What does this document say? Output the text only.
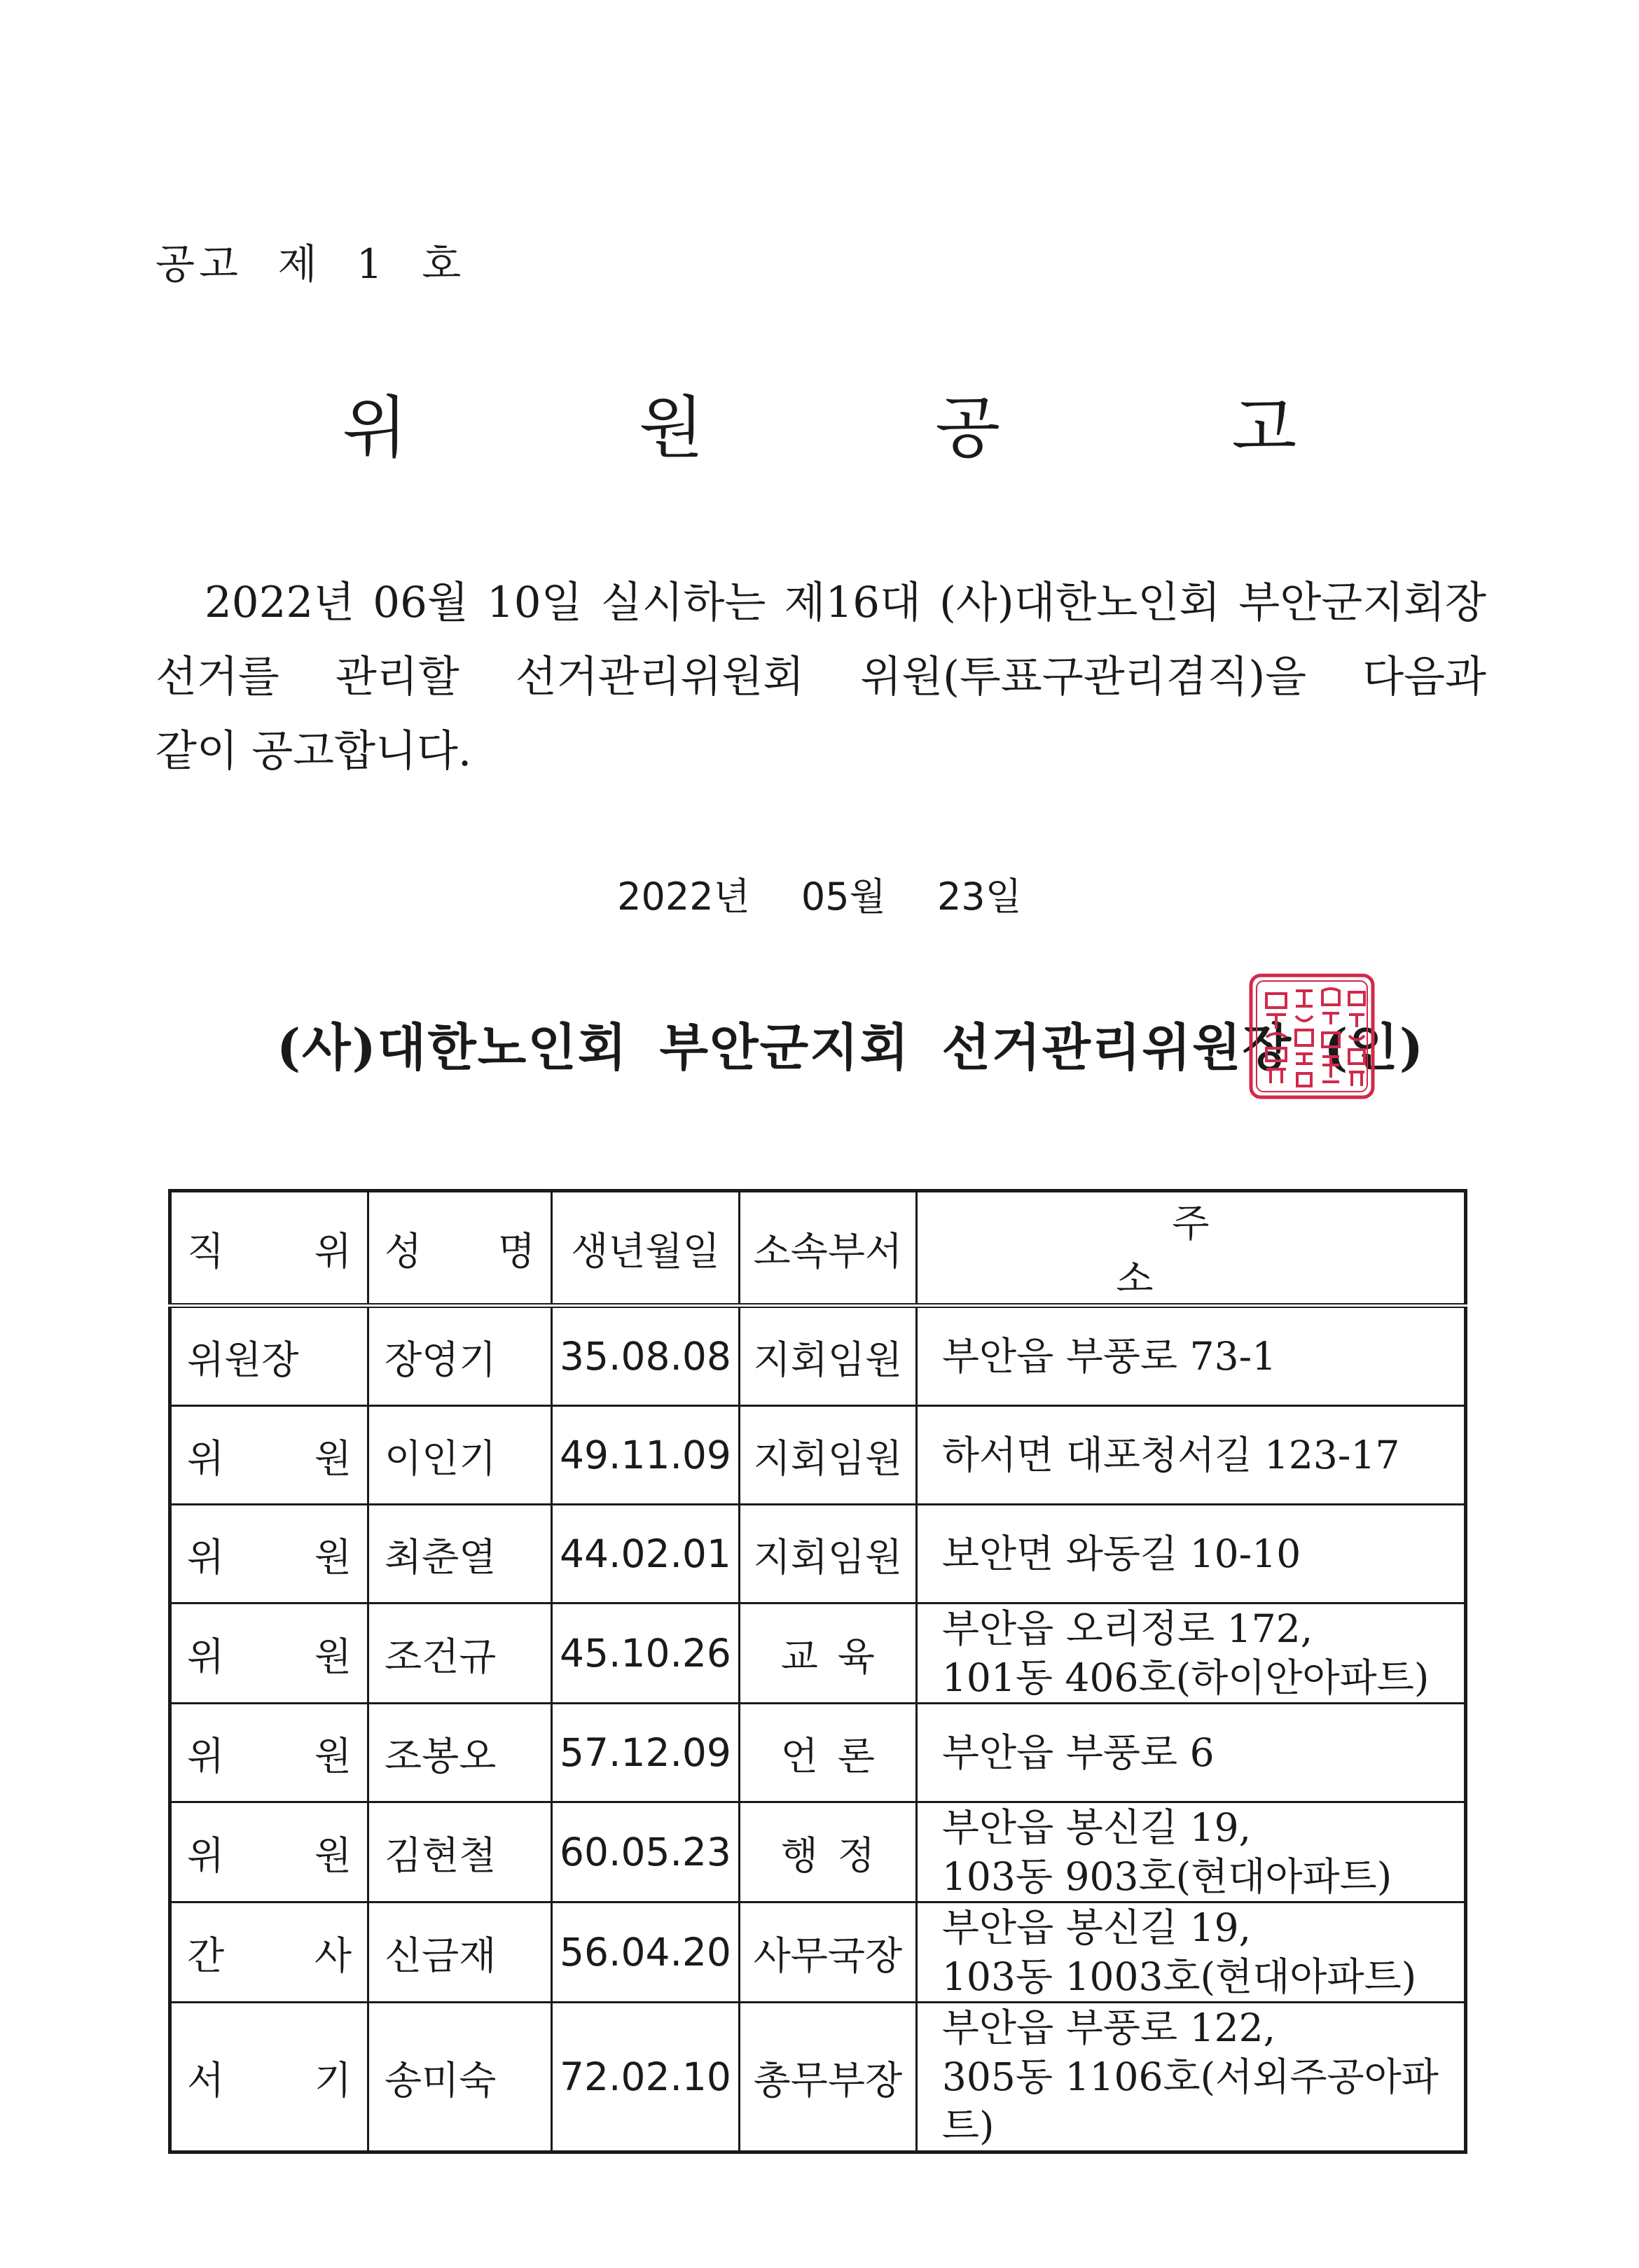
공고 제 1 호
위 원 공 고
2022년 06월 10일 실시하는 제16대 (사)대한노인회 부안군지회장
선거를 관리할 선거관리위원회 위원(투표구관리겸직)을 다음과
같이 공고합니다.
2022년 05월 23일
(사)대한노인회 부안군지회 선거관리위원장 (인)
직 위	성 명	생년월일	소속부서	주 소
위원장	장영기	35.08.08	지회임원	부안읍 부풍로 73-1
위 원	이인기	49.11.09	지회임원	하서면 대포청서길 123-17
위 원	최춘열	44.02.01	지회임원	보안면 와동길 10-10
위 원	조건규	45.10.26	교육	부안읍 오리정로 172,
101동 406호(하이안아파트)
위 원	조봉오	57.12.09	언론	부안읍 부풍로 6
위 원	김현철	60.05.23	행정	부안읍 봉신길 19,
103동 903호(현대아파트)
간 사	신금재	56.04.20	사무국장	부안읍 봉신길 19,
103동 1003호(현대아파트)
서 기	송미숙	72.02.10	총무부장	부안읍 부풍로 122,
305동 1106호(서외주공아파트)
